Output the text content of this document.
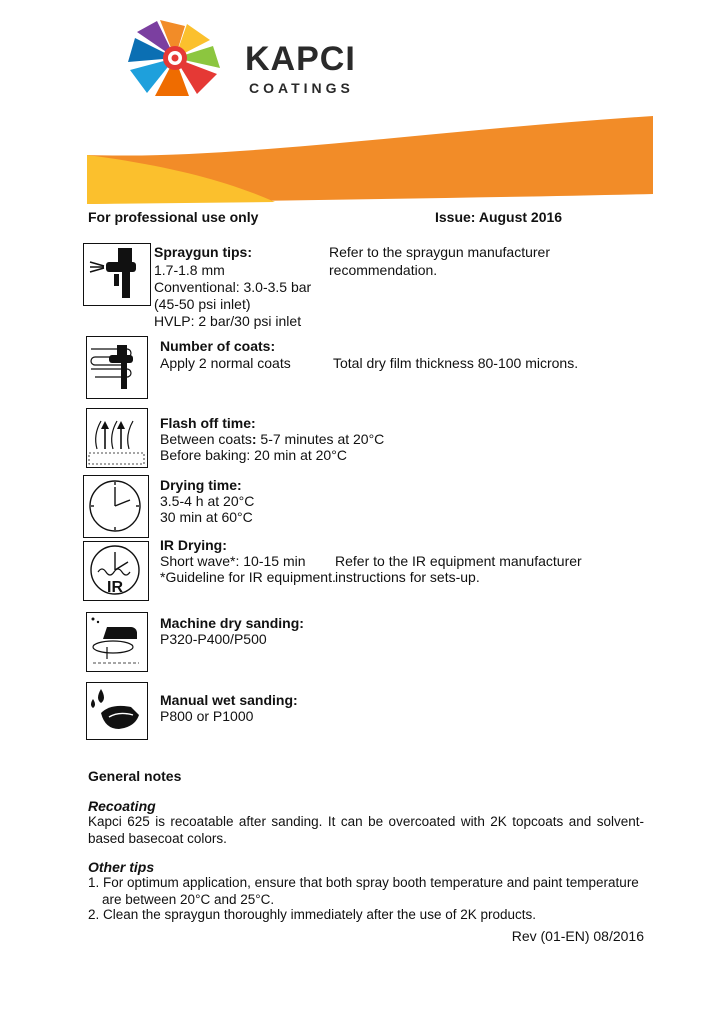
KAPCI
COATINGS
For professional use only	Issue: August 2016
Spraygun tips:
1.7-1.8 mm
Conventional: 3.0-3.5 bar
(45-50 psi inlet)
HVLP: 2 bar/30 psi inlet
Refer to the spraygun manufacturer
recommendation.
Number of coats:
Apply 2 normal coats	Total dry film thickness 80-100 microns.
Flash off time:
Between coats: 5-7 minutes at 20°C
Before baking: 20 min at 20°C
Drying time:
3.5-4 h at 20°C
30 min at 60°C
IR
IR Drying:
Short wave*: 10-15 min
*Guideline for IR equipment.
Refer to the IR equipment manufacturer
instructions for sets-up.
Machine dry sanding:
P320-P400/P500
Manual wet sanding:
P800 or P1000
General notes
Recoating
Kapci 625 is recoatable after sanding. It can be overcoated with 2K topcoats and solvent-based basecoat colors.
Other tips
1. For optimum application, ensure that both spray booth temperature and paint temperature are between 20°C and 25°C.
2. Clean the spraygun thoroughly immediately after the use of 2K products.
Rev (01-EN) 08/2016
